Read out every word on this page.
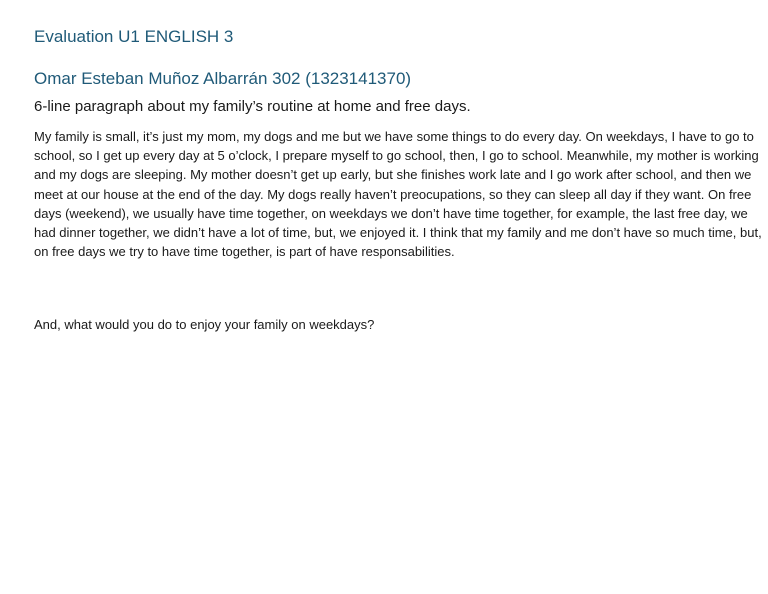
Evaluation U1 ENGLISH 3
Omar Esteban Muñoz Albarrán 302 (1323141370)

6-line paragraph about my family’s routine at home and free days.

My family is small, it’s just my mom, my dogs and me but we have some things to do every day. On weekdays, I have to go to school, so I get up every day at 5 o’clock, I prepare myself to go school, then, I go to school. Meanwhile, my mother is working and my dogs are sleeping. My mother doesn’t get up early, but she finishes work late and I go work after school, and then we meet at our house at the end of the day. My dogs really haven’t preocupations, so they can sleep all day if they want. On free days (weekend), we usually have time together, on weekdays we don’t have time together, for example, the last free day, we had dinner together, we didn’t have a lot of time, but, we enjoyed it. I think that my family and me don’t have so much time, but, on free days we try to have time together, is part of have responsabilities.

And, what would you do to enjoy your family on weekdays?
